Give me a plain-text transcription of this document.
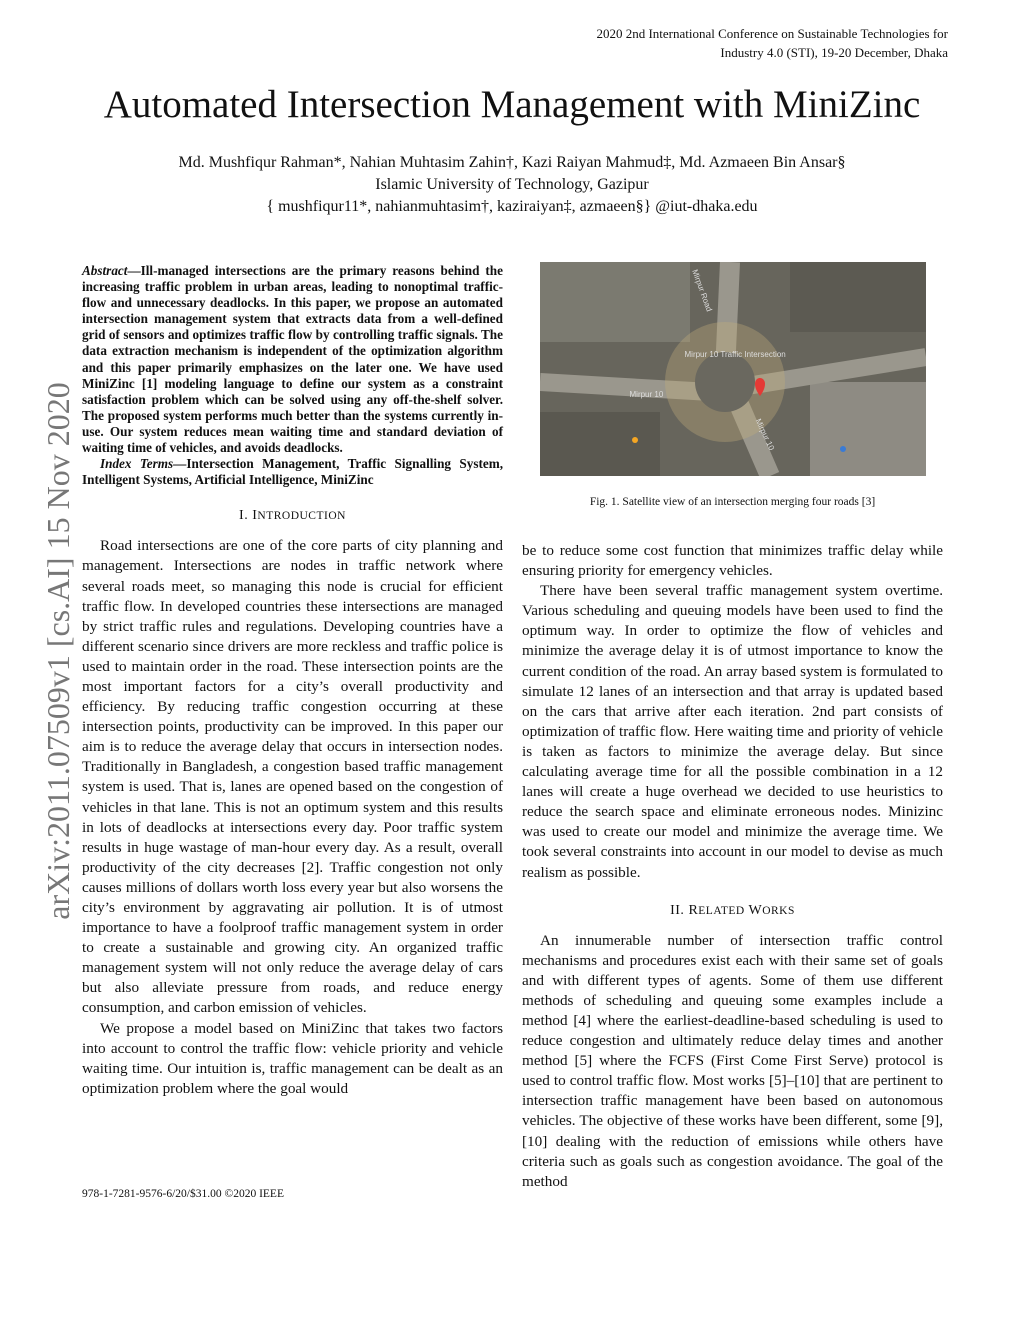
2020 2nd International Conference on Sustainable Technologies for
Industry 4.0 (STI), 19-20 December, Dhaka
Automated Intersection Management with MiniZinc
Md. Mushfiqur Rahman*, Nahian Muhtasim Zahin†, Kazi Raiyan Mahmud‡, Md. Azmaeen Bin Ansar§
Islamic University of Technology, Gazipur
{ mushfiqur11*, nahianmuhtasim†, kaziraiyan‡, azmaeen§} @iut-dhaka.edu
arXiv:2011.07509v1 [cs.AI] 15 Nov 2020

Abstract—Ill-managed intersections are the primary reasons behind the increasing traffic problem in urban areas, leading to nonoptimal traffic-flow and unnecessary deadlocks. In this paper, we propose an automated intersection management system that extracts data from a well-defined grid of sensors and optimizes traffic flow by controlling traffic signals. The data extraction mechanism is independent of the optimization algorithm and this paper primarily emphasizes on the later one. We have used MiniZinc [1] modeling language to define our system as a constraint satisfaction problem which can be solved using any off-the-shelf solver. The proposed system performs much better than the systems currently in-use. Our system reduces mean waiting time and standard deviation of waiting time of vehicles, and avoids deadlocks.

Index Terms—Intersection Management, Traffic Signalling System, Intelligent Systems, Artificial Intelligence, MiniZinc

I. INTRODUCTION

Road intersections are one of the core parts of city planning and management. Intersections are nodes in traffic network where several roads meet, so managing this node is crucial for efficient traffic flow. In developed countries these intersections are managed by strict traffic rules and regulations. Developing countries have a different scenario since drivers are more reckless and traffic police is used to maintain order in the road. These intersection points are the most important factors for a city’s overall productivity and efficiency. By reducing traffic congestion occurring at these intersection points, productivity can be improved. In this paper our aim is to reduce the average delay that occurs in intersection nodes. Traditionally in Bangladesh, a congestion based traffic management system is used. That is, lanes are opened based on the congestion of vehicles in that lane. This is not an optimum system and this results in lots of deadlocks at intersections every day. Poor traffic system results in huge wastage of man-hour every day. As a result, overall productivity of the city decreases [2]. Traffic congestion not only causes millions of dollars worth loss every year but also worsens the city’s environment by aggravating air pollution. It is of utmost importance to have a foolproof traffic management system in order to create a sustainable and growing city. An organized traffic management system will not only reduce the average delay of cars but also alleviate pressure from roads, and reduce energy consumption, and carbon emission of vehicles.

We propose a model based on MiniZinc that takes two factors into account to control the traffic flow: vehicle priority and vehicle waiting time. Our intuition is, traffic management can be dealt as an optimization problem where the goal would

Mirpur 10 Traffic Intersection
Mirpur 10
Mirpur Road
Mirpur 10
Fig. 1. Satellite view of an intersection merging four roads [3]

be to reduce some cost function that minimizes traffic delay while ensuring priority for emergency vehicles.

There have been several traffic management system overtime. Various scheduling and queuing models have been used to find the optimum way. In order to optimize the flow of vehicles and minimize the average delay it is of utmost importance to know the current condition of the road. An array based system is formulated to simulate 12 lanes of an intersection and that array is updated based on the cars that arrive after each iteration. 2nd part consists of optimization of traffic flow. Here waiting time and priority of vehicle is taken as factors to minimize the average delay. But since calculating average time for all the possible combination in a 12 lanes will create a huge overhead we decided to use heuristics to reduce the search space and eliminate erroneous nodes. Minizinc was used to create our model and minimize the average time. We took several constraints into account in our model to devise as much realism as possible.

II. RELATED WORKS

An innumerable number of intersection traffic control mechanisms and procedures exist each with their same set of goals and with different types of agents. Some of them use different methods of scheduling and queuing some examples include a method [4] where the earliest-deadline-based scheduling is used to reduce congestion and ultimately reduce delay times and another method [5] where the FCFS (First Come First Serve) protocol is used to control traffic flow. Most works [5]–[10] that are pertinent to intersection traffic management have been based on autonomous vehicles. The objective of these works have been different, some [9], [10] dealing with the reduction of emissions while others have criteria such as goals such as congestion avoidance. The goal of the method

978-1-7281-9576-6/20/$31.00 ©2020 IEEE
